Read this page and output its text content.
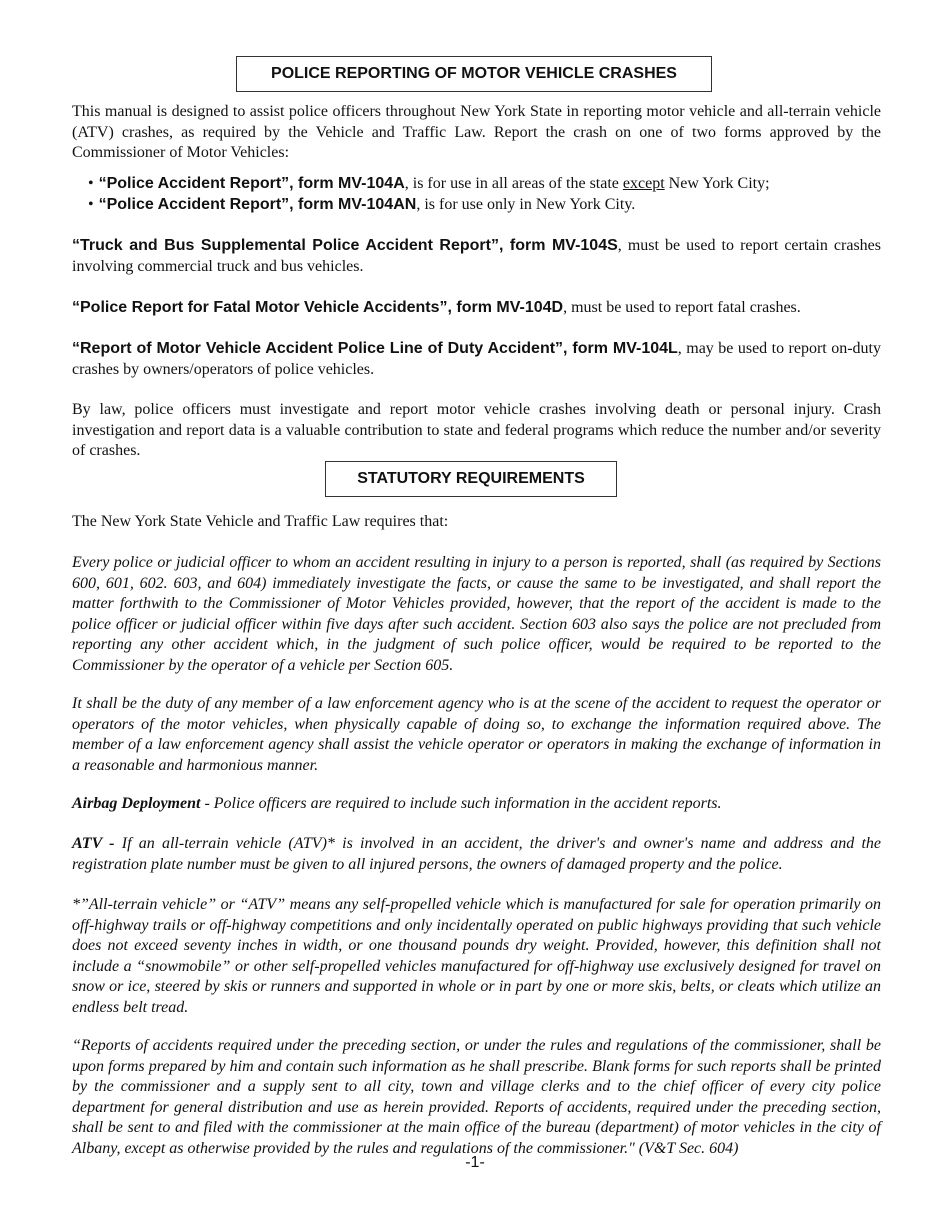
POLICE REPORTING OF MOTOR VEHICLE CRASHES

This manual is designed to assist police officers throughout New York State in reporting motor vehicle and all-terrain vehicle (ATV) crashes, as required by the Vehicle and Traffic Law. Report the crash on one of two forms approved by the Commissioner of Motor Vehicles:

• “Police Accident Report”, form MV-104A, is for use in all areas of the state except New York City;
• “Police Accident Report”, form MV-104AN, is for use only in New York City.

“Truck and Bus Supplemental Police Accident Report”, form MV-104S, must be used to report certain crashes involving commercial truck and bus vehicles.

“Police Report for Fatal Motor Vehicle Accidents”, form MV-104D, must be used to report fatal crashes.

“Report of Motor Vehicle Accident Police Line of Duty Accident”, form MV-104L, may be used to report on-duty crashes by owners/operators of police vehicles.

By law, police officers must investigate and report motor vehicle crashes involving death or personal injury. Crash investigation and report data is a valuable contribution to state and federal programs which reduce the number and/or severity of crashes.

STATUTORY REQUIREMENTS

The New York State Vehicle and Traffic Law requires that:

Every police or judicial officer to whom an accident resulting in injury to a person is reported, shall (as required by Sections 600, 601, 602. 603, and 604) immediately investigate the facts, or cause the same to be investigated, and shall report the matter forthwith to the Commissioner of Motor Vehicles provided, however, that the report of the accident is made to the police officer or judicial officer within five days after such accident. Section 603 also says the police are not precluded from reporting any other accident which, in the judgment of such police officer, would be required to be reported to the Commissioner by the operator of a vehicle per Section 605.

It shall be the duty of any member of a law enforcement agency who is at the scene of the accident to request the operator or operators of the motor vehicles, when physically capable of doing so, to exchange the information required above. The member of a law enforcement agency shall assist the vehicle operator or operators in making the exchange of information in a reasonable and harmonious manner.

Airbag Deployment - Police officers are required to include such information in the accident reports.

ATV - If an all-terrain vehicle (ATV)* is involved in an accident, the driver's and owner's name and address and the registration plate number must be given to all injured persons, the owners of damaged property and the police.

*”All-terrain vehicle” or “ATV” means any self-propelled vehicle which is manufactured for sale for operation primarily on off-highway trails or off-highway competitions and only incidentally operated on public highways providing that such vehicle does not exceed seventy inches in width, or one thousand pounds dry weight. Provided, however, this definition shall not include a “snowmobile” or other self-propelled vehicles manufactured for off-highway use exclusively designed for travel on snow or ice, steered by skis or runners and supported in whole or in part by one or more skis, belts, or cleats which utilize an endless belt tread.

“Reports of accidents required under the preceding section, or under the rules and regulations of the commissioner, shall be upon forms prepared by him and contain such information as he shall prescribe. Blank forms for such reports shall be printed by the commissioner and a supply sent to all city, town and village clerks and to the chief officer of every city police department for general distribution and use as herein provided. Reports of accidents, required under the preceding section, shall be sent to and filed with the commissioner at the main office of the bureau (department) of motor vehicles in the city of Albany, except as otherwise provided by the rules and regulations of the commissioner." (V&T Sec. 604)

-1-
